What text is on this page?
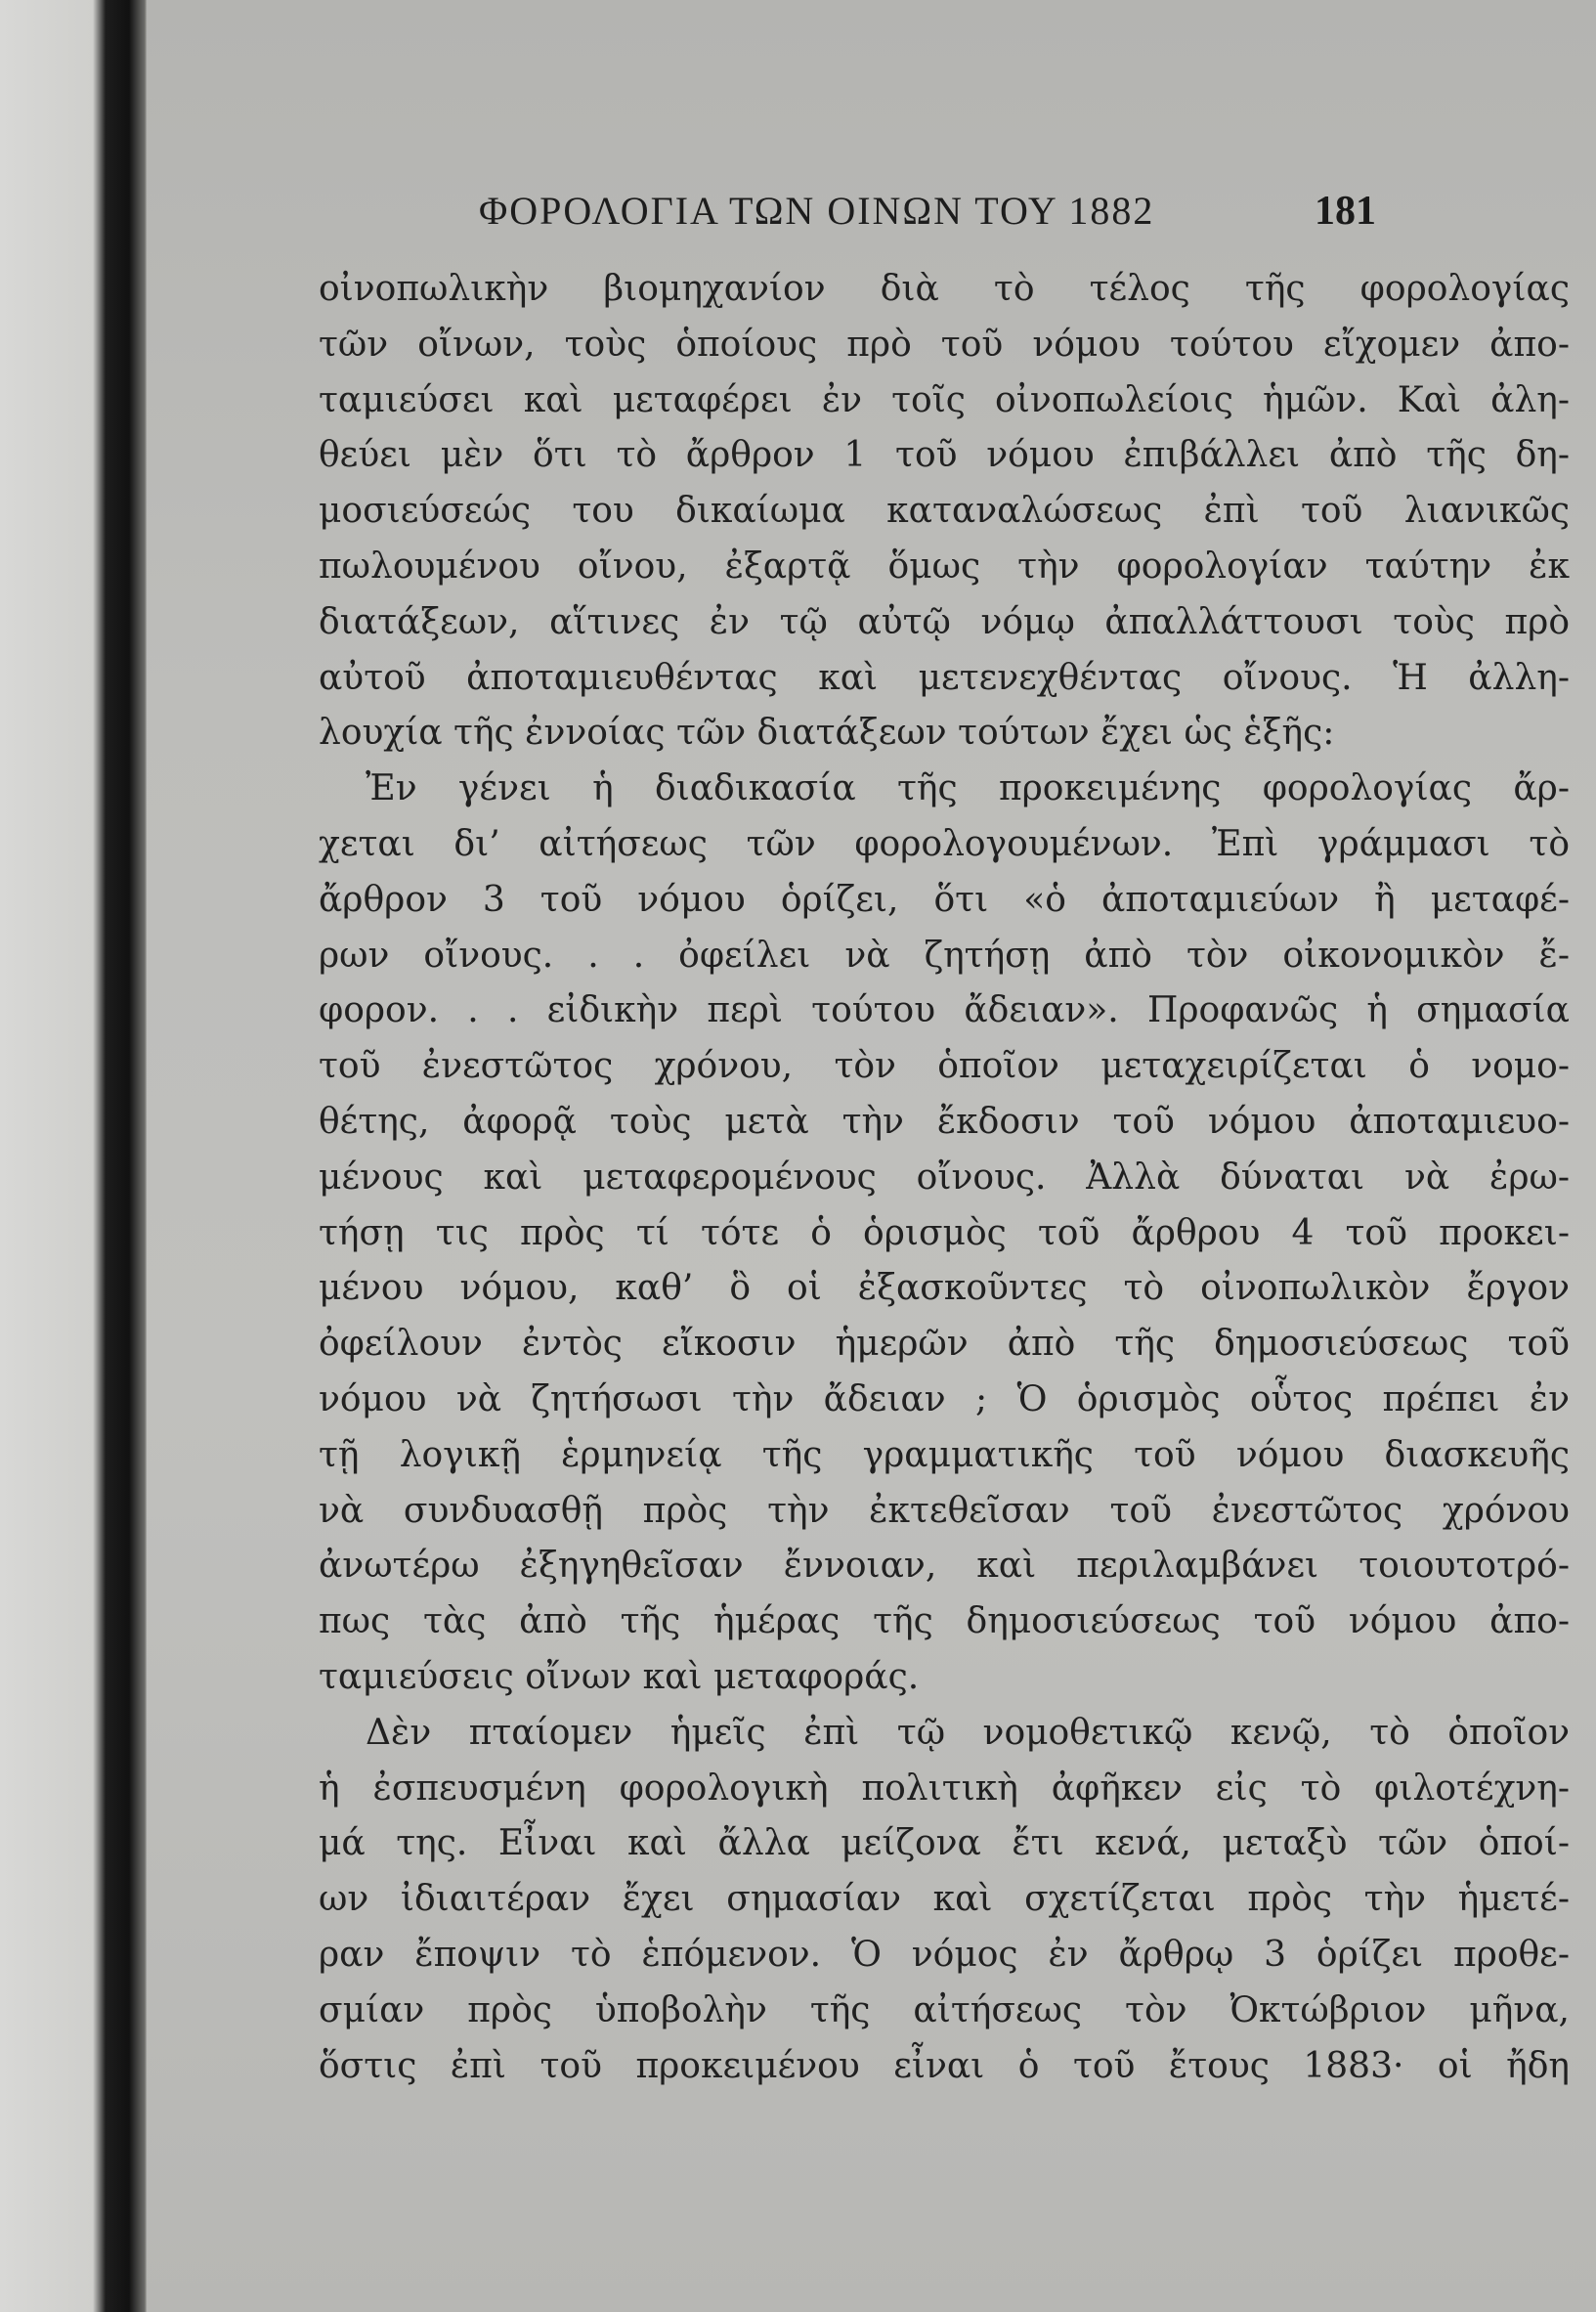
ΦΟΡΟΛΟΓΙΑ ΤΩΝ ΟΙΝΩΝ ΤΟΥ 1882	181
οἰνοπωλικὴν βιομηχανίον διὰ τὸ τέλος τῆς φορολογίας
τῶν οἴνων, τοὺς ὁποίους πρὸ τοῦ νόμου τούτου εἴχομεν ἀπο-
ταμιεύσει καὶ μεταφέρει ἐν τοῖς οἰνοπωλείοις ἡμῶν. Καὶ ἀλη-
θεύει μὲν ὅτι τὸ ἄρθρον 1 τοῦ νόμου ἐπιβάλλει ἀπὸ τῆς δη-
μοσιεύσεώς του δικαίωμα καταναλώσεως ἐπὶ τοῦ λιανικῶς
πωλουμένου οἴνου, ἐξαρτᾷ ὅμως τὴν φορολογίαν ταύτην ἐκ
διατάξεων, αἵτινες ἐν τῷ αὐτῷ νόμῳ ἀπαλλάττουσι τοὺς πρὸ
αὐτοῦ ἀποταμιευθέντας καὶ μετενεχθέντας οἴνους. Ἡ ἀλλη-
λουχία τῆς ἐννοίας τῶν διατάξεων τούτων ἔχει ὡς ἑξῆς:
Ἐν γένει ἡ διαδικασία τῆς προκειμένης φορολογίας ἄρ-
χεται δι’ αἰτήσεως τῶν φορολογουμένων. Ἐπὶ γράμμασι τὸ
ἄρθρον 3 τοῦ νόμου ὁρίζει, ὅτι «ὁ ἀποταμιεύων ἢ μεταφέ-
ρων οἴνους. . . ὀφείλει νὰ ζητήσῃ ἀπὸ τὸν οἰκονομικὸν ἔ-
φορον. . . εἰδικὴν περὶ τούτου ἄδειαν». Προφανῶς ἡ σημασία
τοῦ ἐνεστῶτος χρόνου, τὸν ὁποῖον μεταχειρίζεται ὁ νομο-
θέτης, ἀφορᾷ τοὺς μετὰ τὴν ἔκδοσιν τοῦ νόμου ἀποταμιευο-
μένους καὶ μεταφερομένους οἴνους. Ἀλλὰ δύναται νὰ ἐρω-
τήσῃ τις πρὸς τί τότε ὁ ὁρισμὸς τοῦ ἄρθρου 4 τοῦ προκει-
μένου νόμου, καθ’ ὃ οἱ ἐξασκοῦντες τὸ οἰνοπωλικὸν ἔργον
ὀφείλουν ἐντὸς εἴκοσιν ἡμερῶν ἀπὸ τῆς δημοσιεύσεως τοῦ
νόμου νὰ ζητήσωσι τὴν ἄδειαν ; Ὁ ὁρισμὸς οὗτος πρέπει ἐν
τῇ λογικῇ ἑρμηνείᾳ τῆς γραμματικῆς τοῦ νόμου διασκευῆς
νὰ συνδυασθῇ πρὸς τὴν ἐκτεθεῖσαν τοῦ ἐνεστῶτος χρόνου
ἀνωτέρω ἐξηγηθεῖσαν ἔννοιαν, καὶ περιλαμβάνει τοιουτοτρό-
πως τὰς ἀπὸ τῆς ἡμέρας τῆς δημοσιεύσεως τοῦ νόμου ἀπο-
ταμιεύσεις οἴνων καὶ μεταφοράς.
Δὲν πταίομεν ἡμεῖς ἐπὶ τῷ νομοθετικῷ κενῷ, τὸ ὁποῖον
ἡ ἐσπευσμένη φορολογικὴ πολιτικὴ ἀφῆκεν εἰς τὸ φιλοτέχνη-
μά της. Εἶναι καὶ ἄλλα μείζονα ἔτι κενά, μεταξὺ τῶν ὁποί-
ων ἰδιαιτέραν ἔχει σημασίαν καὶ σχετίζεται πρὸς τὴν ἡμετέ-
ραν ἔποψιν τὸ ἑπόμενον. Ὁ νόμος ἐν ἄρθρῳ 3 ὁρίζει προθε-
σμίαν πρὸς ὑποβολὴν τῆς αἰτήσεως τὸν Ὀκτώβριον μῆνα,
ὅστις ἐπὶ τοῦ προκειμένου εἶναι ὁ τοῦ ἔτους 1883· οἱ ἤδη
